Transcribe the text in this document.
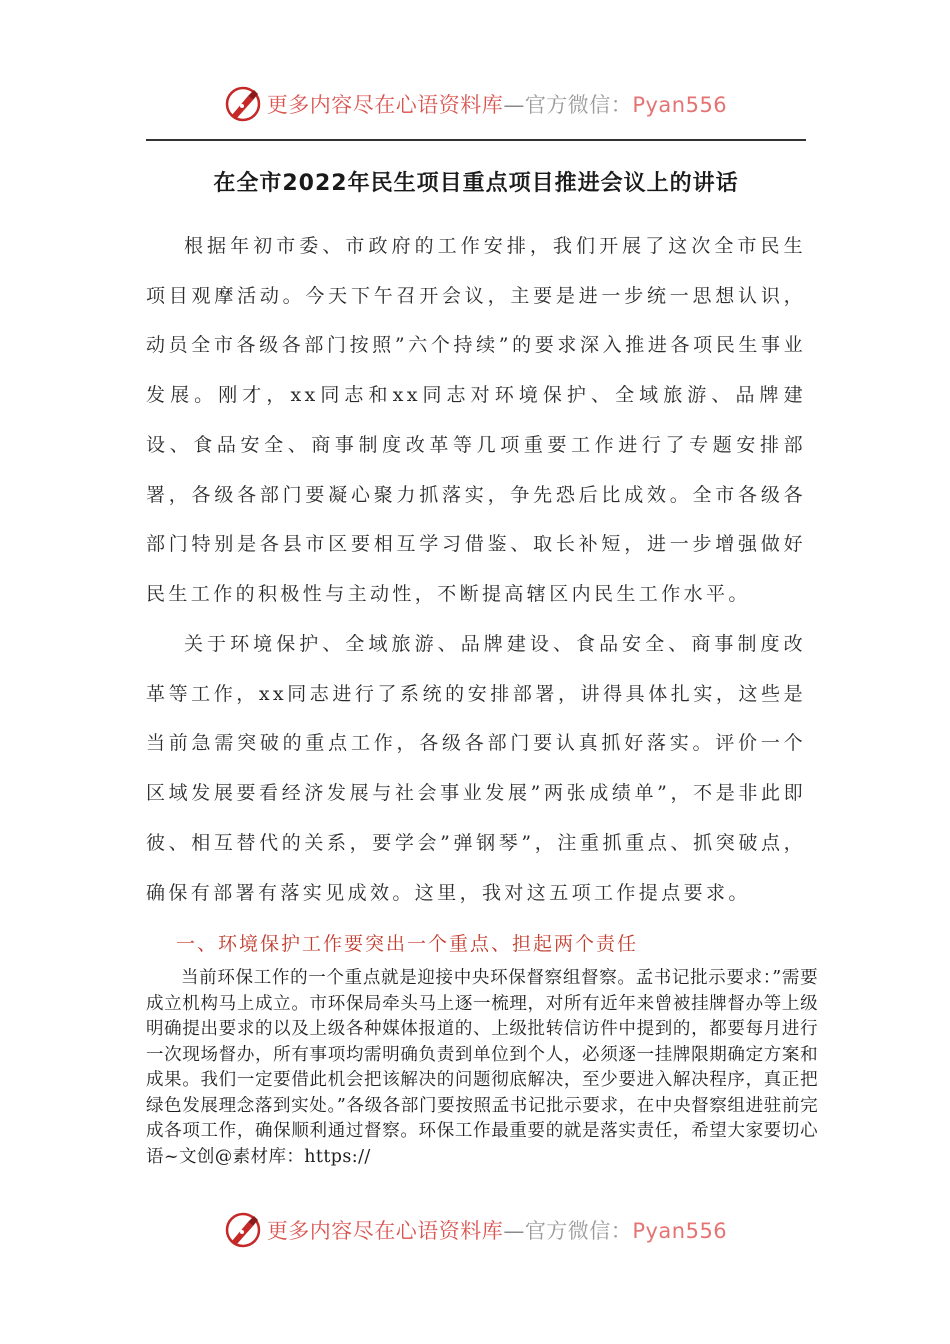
更多内容尽在心语资料库—官方微信：Pyan556
在全市2022年民生项目重点项目推进会议上的讲话

根据年初市委、市政府的工作安排，我们开展了这次全市民生项目观摩活动。今天下午召开会议，主要是进一步统一思想认识，动员全市各级各部门按照”六个持续”的要求深入推进各项民生事业发展。刚才，xx同志和xx同志对环境保护、全域旅游、品牌建设、食品安全、商事制度改革等几项重要工作进行了专题安排部署，各级各部门要凝心聚力抓落实，争先恐后比成效。全市各级各部门特别是各县市区要相互学习借鉴、取长补短，进一步增强做好民生工作的积极性与主动性，不断提高辖区内民生工作水平。

关于环境保护、全域旅游、品牌建设、食品安全、商事制度改革等工作，xx同志进行了系统的安排部署，讲得具体扎实，这些是当前急需突破的重点工作，各级各部门要认真抓好落实。评价一个区域发展要看经济发展与社会事业发展”两张成绩单”，不是非此即彼、相互替代的关系，要学会”弹钢琴”，注重抓重点、抓突破点，确保有部署有落实见成效。这里，我对这五项工作提点要求。

一、环境保护工作要突出一个重点、担起两个责任

当前环保工作的一个重点就是迎接中央环保督察组督察。孟书记批示要求：”需要成立机构马上成立。市环保局牵头马上逐一梳理，对所有近年来曾被挂牌督办等上级明确提出要求的以及上级各种媒体报道的、上级批转信访件中提到的，都要每月进行一次现场督办，所有事项均需明确负责到单位到个人，必须逐一挂牌限期确定方案和成果。我们一定要借此机会把该解决的问题彻底解决，至少要进入解决程序，真正把绿色发展理念落到实处。”各级各部门要按照孟书记批示要求，在中央督察组进驻前完成各项工作，确保顺利通过督察。环保工作最重要的就是落实责任，希望大家要切心语~文创@素材库：https://

更多内容尽在心语资料库—官方微信：Pyan556
